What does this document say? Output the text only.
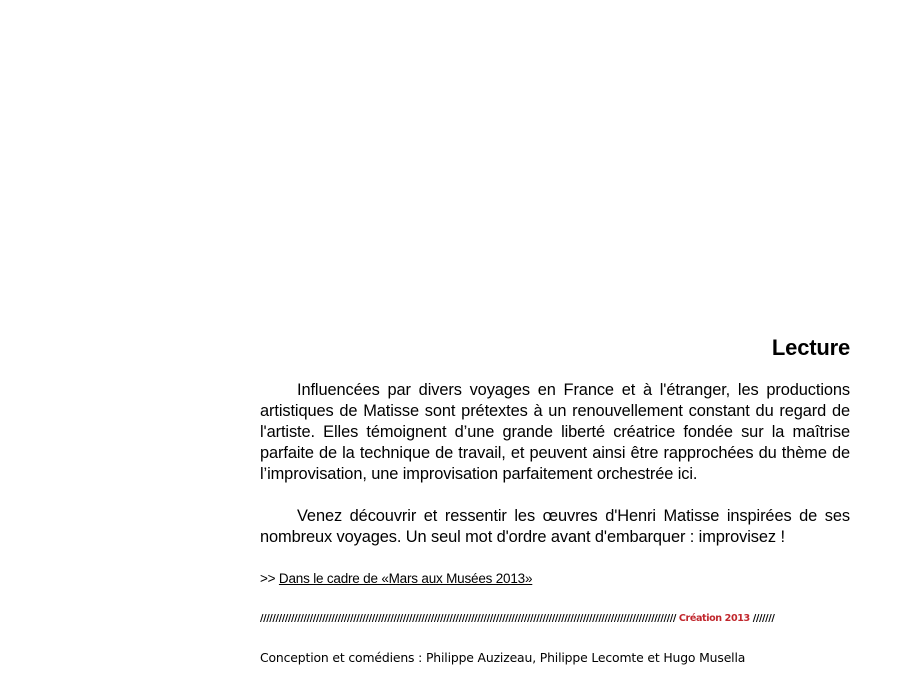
Lecture

Influencées par divers voyages en France et à l'étranger, les productions artistiques de Matisse sont prétextes à un renouvellement constant du regard de l'artiste. Elles témoignent d’une grande liberté créatrice fondée sur la maîtrise parfaite de la technique de travail, et peuvent ainsi être rapprochées du thème de l’improvisation, une improvisation parfaitement orchestrée ici.

Venez découvrir et ressentir les œuvres d'Henri Matisse inspirées de ses nombreux voyages. Un seul mot d'ordre avant d'embarquer : improvisez !

>> Dans le cadre de «Mars aux Musées 2013»
////////////////////////////////////////////////////////////////////////////////////////////////////////////////////////////////////// Création 2013 ///////
Conception et comédiens : Philippe Auzizeau, Philippe Lecomte et Hugo Musella
